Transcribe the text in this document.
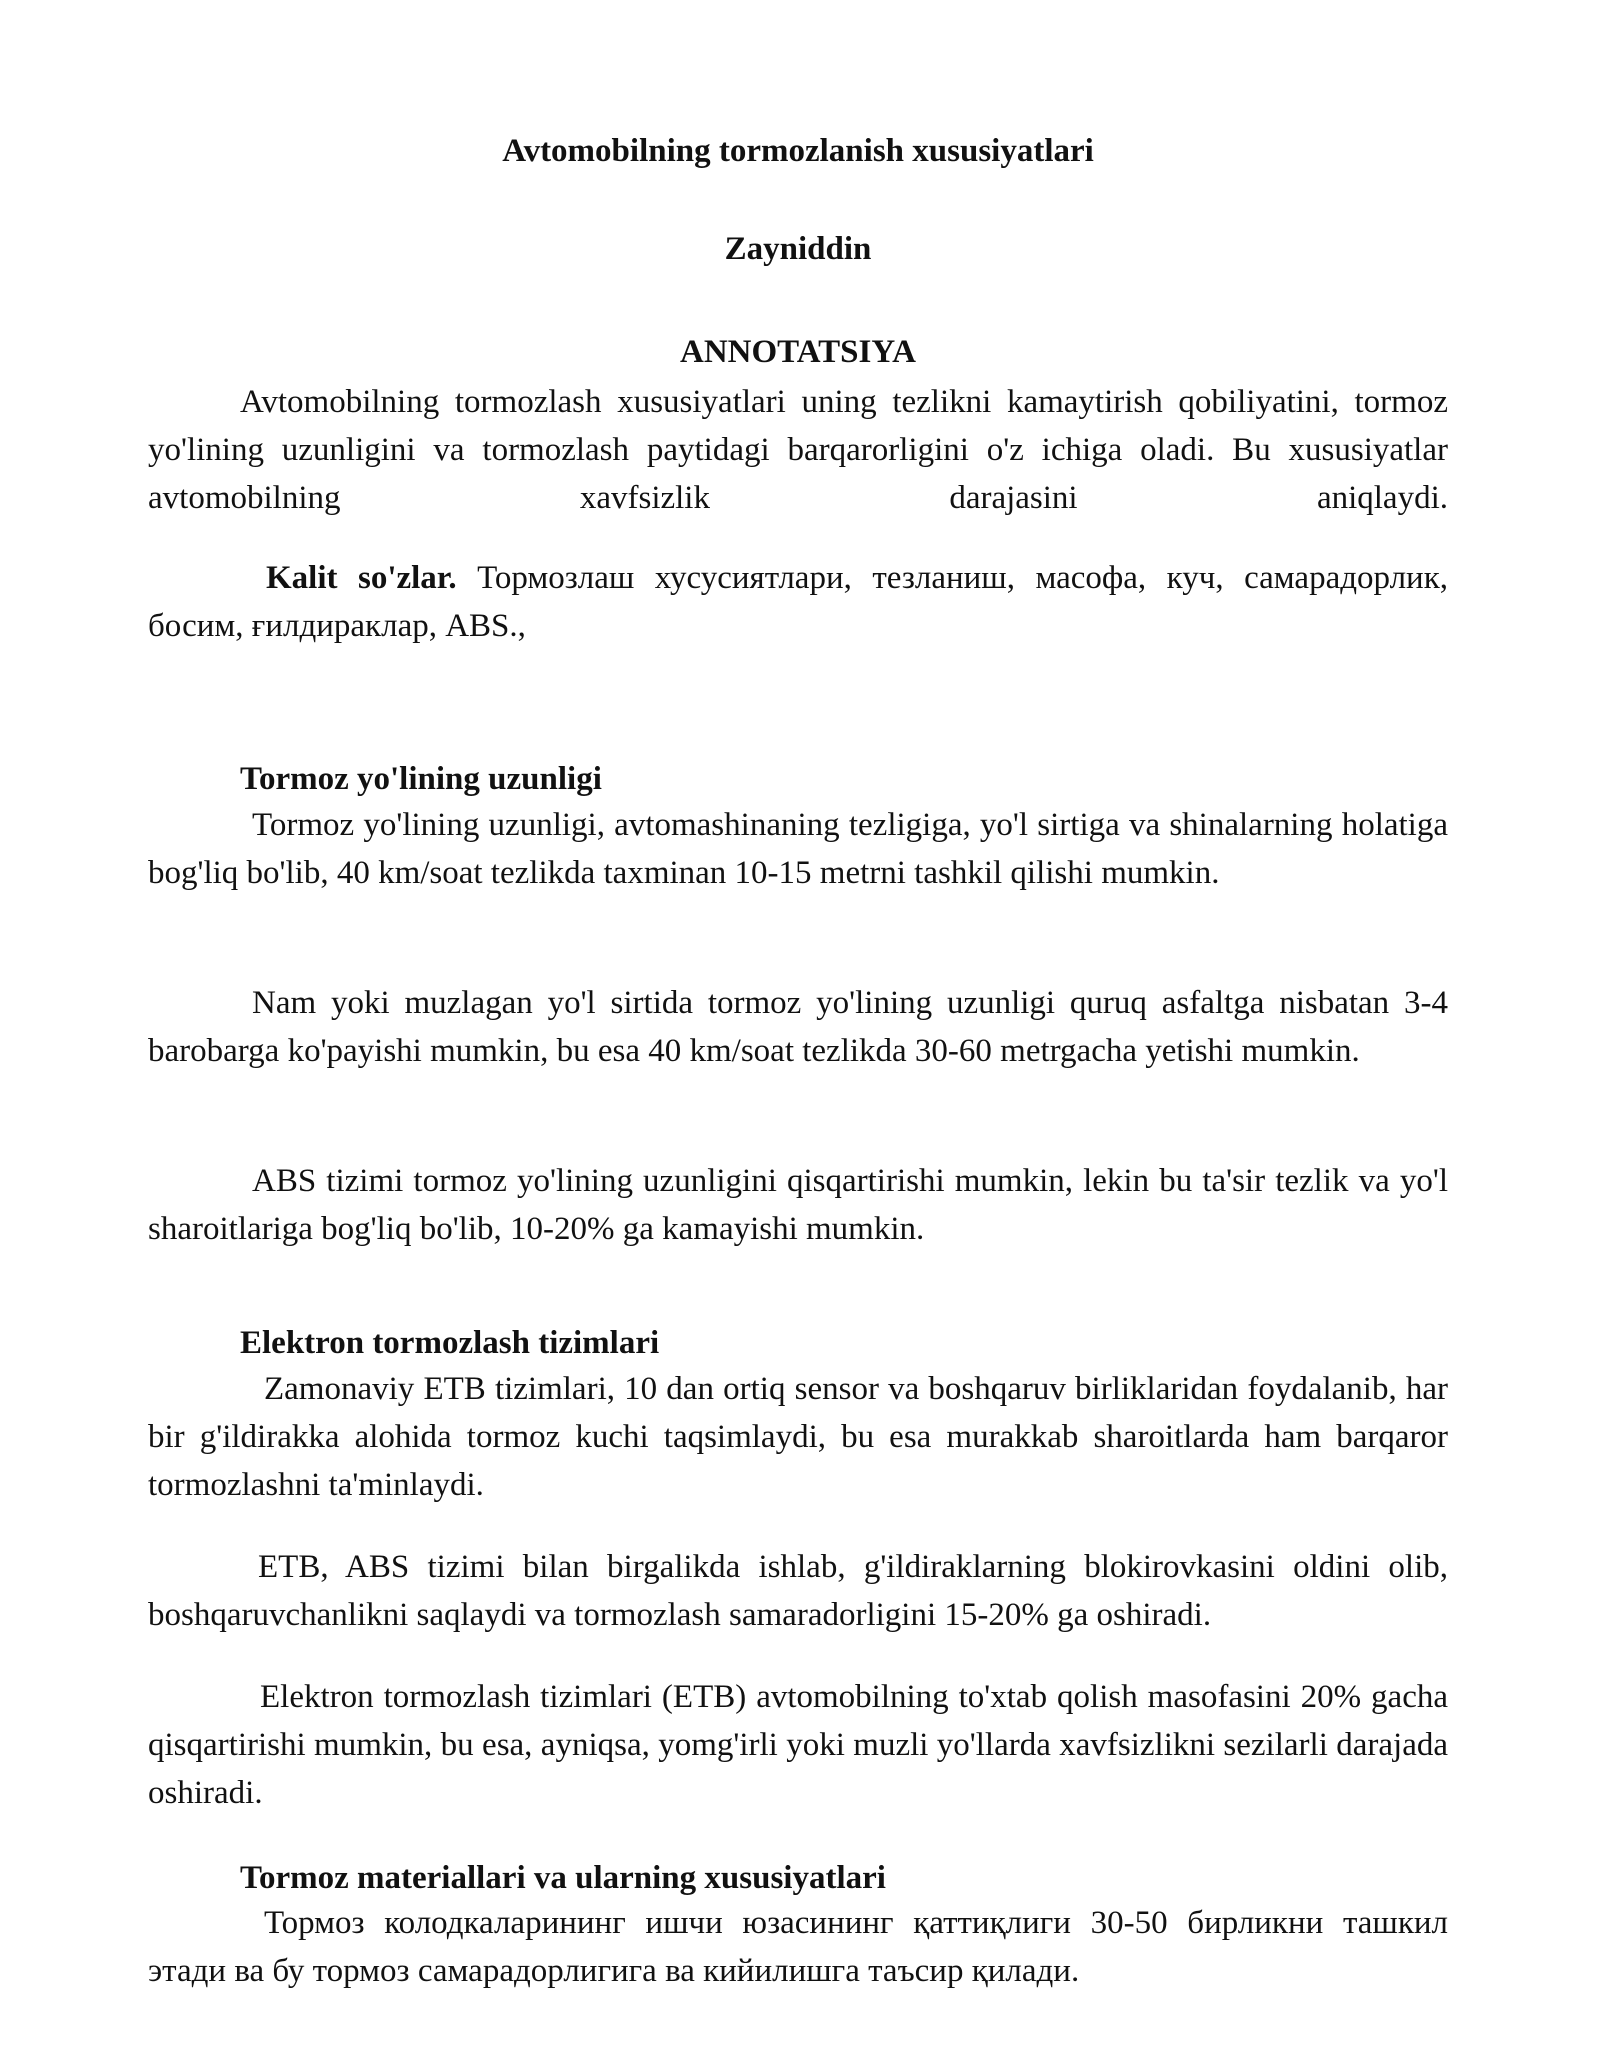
Avtomobilning tormozlanish xususiyatlari
Zayniddin
ANNOTATSIYA

Avtomobilning tormozlash xususiyatlari uning tezlikni kamaytirish qobiliyatini, tormoz yo'lining uzunligini va tormozlash paytidagi barqarorligini o'z ichiga oladi. Bu xususiyatlar avtomobilning xavfsizlik darajasini aniqlaydi.

Kalit so'zlar. Тормозлаш хусусиятлари, тезланиш, масофа, куч, самарадорлик, босим, ғилдираклар, ABS.,

Tormoz yo'lining uzunligi

Tormoz yo'lining uzunligi, avtomashinaning tezligiga, yo'l sirtiga va shinalarning holatiga bog'liq bo'lib, 40 km/soat tezlikda taxminan 10-15 metrni tashkil qilishi mumkin.

Nam yoki muzlagan yo'l sirtida tormoz yo'lining uzunligi quruq asfaltga nisbatan 3-4 barobarga ko'payishi mumkin, bu esa 40 km/soat tezlikda 30-60 metrgacha yetishi mumkin.

ABS tizimi tormoz yo'lining uzunligini qisqartirishi mumkin, lekin bu ta'sir tezlik va yo'l sharoitlariga bog'liq bo'lib, 10-20% ga kamayishi mumkin.

Elektron tormozlash tizimlari

Zamonaviy ETB tizimlari, 10 dan ortiq sensor va boshqaruv birliklaridan foydalanib, har bir g'ildirakka alohida tormoz kuchi taqsimlaydi, bu esa murakkab sharoitlarda ham barqaror tormozlashni ta'minlaydi.

ETB, ABS tizimi bilan birgalikda ishlab, g'ildiraklarning blokirovkasini oldini olib, boshqaruvchanlikni saqlaydi va tormozlash samaradorligini 15-20% ga oshiradi.

Elektron tormozlash tizimlari (ETB) avtomobilning to'xtab qolish masofasini 20% gacha qisqartirishi mumkin, bu esa, ayniqsa, yomg'irli yoki muzli yo'llarda xavfsizlikni sezilarli darajada oshiradi.

Tormoz materiallari va ularning xususiyatlari

Тормоз колодкаларининг ишчи юзасининг қаттиқлиги 30-50 бирликни ташкил этади ва бу тормоз самарадорлигига ва кийилишга таъсир қилади.
